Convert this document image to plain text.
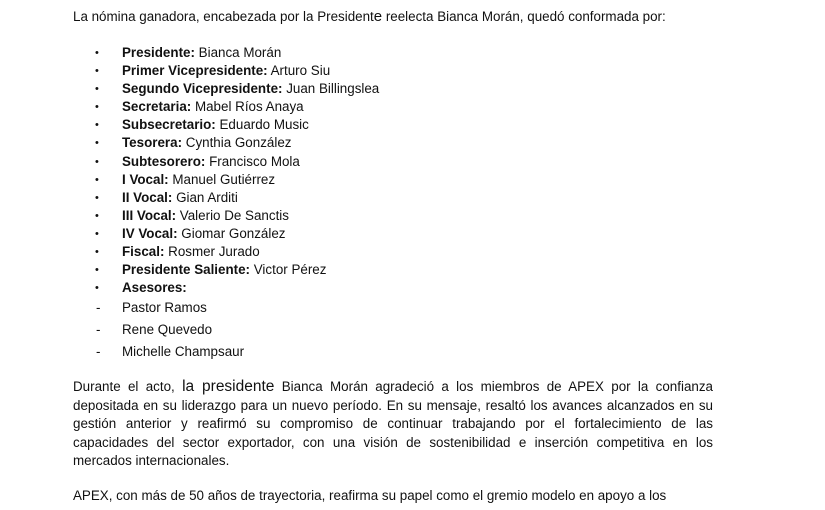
La nómina ganadora, encabezada por la Presidente reelecta Bianca Morán, quedó conformada por:
•	Presidente: Bianca Morán
•	Primer Vicepresidente: Arturo Siu
•	Segundo Vicepresidente: Juan Billingslea
•	Secretaria: Mabel Ríos Anaya
•	Subsecretario: Eduardo Music
•	Tesorera: Cynthia González
•	Subtesorero: Francisco Mola
•	I Vocal: Manuel Gutiérrez
•	II Vocal: Gian Arditi
•	III Vocal: Valerio De Sanctis
•	IV Vocal: Giomar González
•	Fiscal: Rosmer Jurado
•	Presidente Saliente: Victor Pérez
•	Asesores:
- Pastor Ramos
- Rene Quevedo
- Michelle Champsaur
Durante el acto, la presidente Bianca Morán agradeció a los miembros de APEX por la confianza depositada en su liderazgo para un nuevo período. En su mensaje, resaltó los avances alcanzados en su gestión anterior y reafirmó su compromiso de continuar trabajando por el fortalecimiento de las capacidades del sector exportador, con una visión de sostenibilidad e inserción competitiva en los mercados internacionales.
APEX, con más de 50 años de trayectoria, reafirma su papel como el gremio modelo en apoyo a los
